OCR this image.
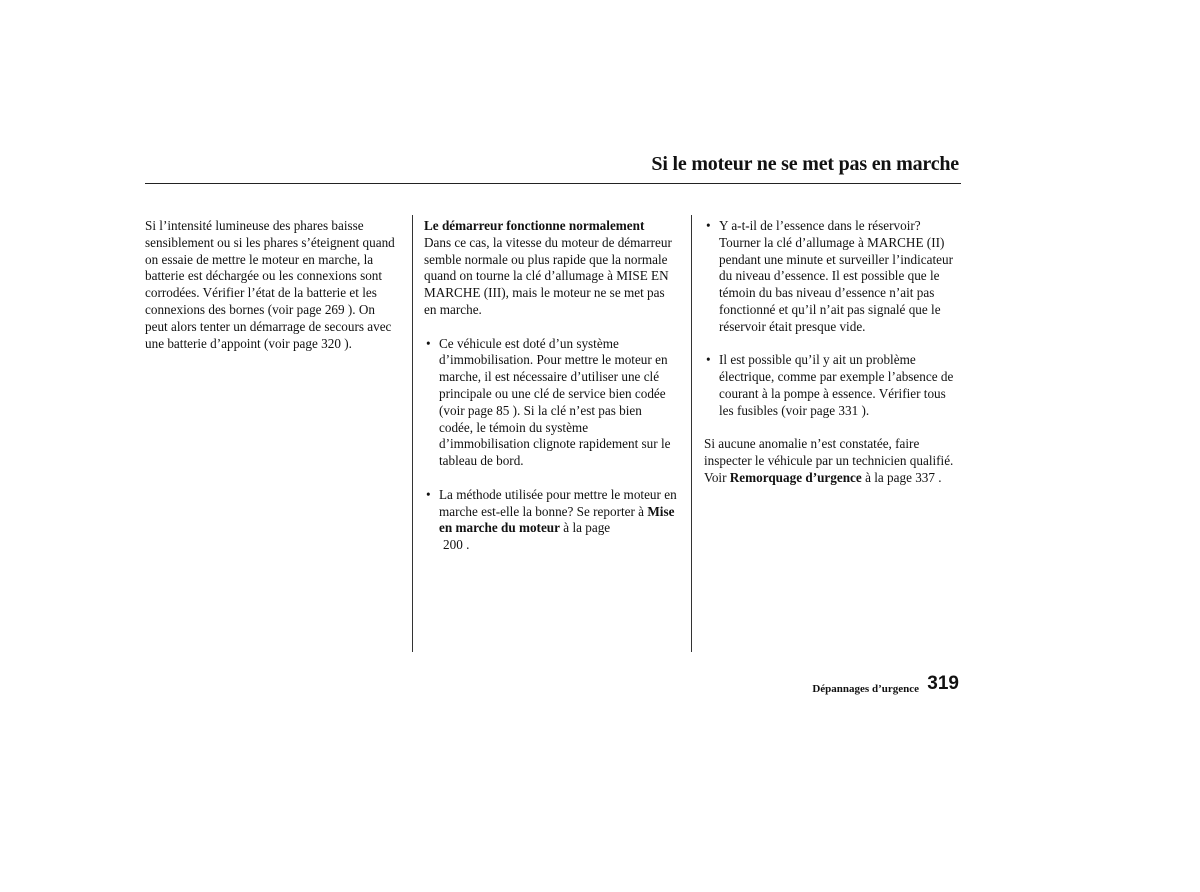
Si le moteur ne se met pas en marche

Si l’intensité lumineuse des phares baisse sensiblement ou si les phares s’éteignent quand on essaie de mettre le moteur en marche, la batterie est déchargée ou les connexions sont corrodées. Vérifier l’état de la batterie et les connexions des bornes (voir page 269 ). On peut alors tenter un démarrage de secours avec une batterie d’appoint (voir page 320 ).

Le démarreur fonctionne normalement

Dans ce cas, la vitesse du moteur de démarreur semble normale ou plus rapide que la normale quand on tourne la clé d’allumage à MISE EN MARCHE (III), mais le moteur ne se met pas en marche.

• Ce véhicule est doté d’un système d’immobilisation. Pour mettre le moteur en marche, il est nécessaire d’utiliser une clé principale ou une clé de service bien codée (voir page 85 ). Si la clé n’est pas bien codée, le témoin du système d’immobilisation clignote rapidement sur le tableau de bord.

• La méthode utilisée pour mettre le moteur en marche est-elle la bonne? Se reporter à Mise en marche du moteur à la page
200 .

• Y a-t-il de l’essence dans le réservoir? Tourner la clé d’allumage à MARCHE (II) pendant une minute et surveiller l’indicateur du niveau d’essence. Il est possible que le témoin du bas niveau d’essence n’ait pas fonctionné et qu’il n’ait pas signalé que le réservoir était presque vide.

• Il est possible qu’il y ait un problème électrique, comme par exemple l’absence de courant à la pompe à essence. Vérifier tous les fusibles (voir page 331 ).

Si aucune anomalie n’est constatée, faire inspecter le véhicule par un technicien qualifié. Voir Remorquage d’urgence à la page 337 .

Dépannages d’urgence 319
